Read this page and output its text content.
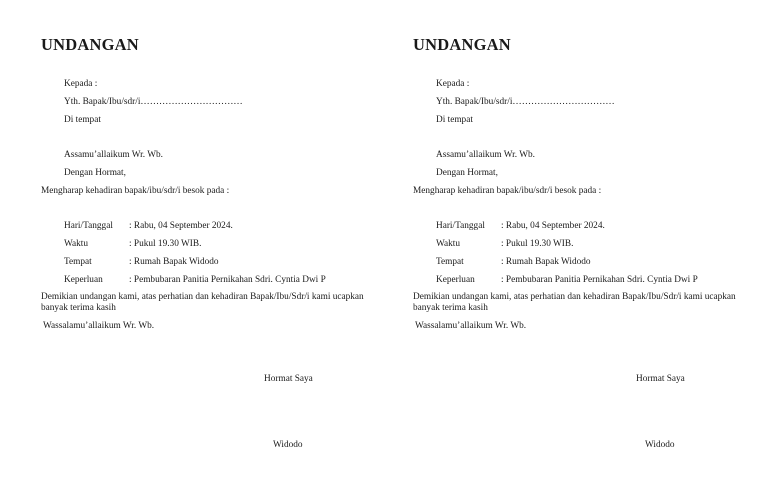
UNDANGAN
Kepada :
Yth. Bapak/Ibu/sdr/i……………………………
Di tempat
Assamu’allaikum Wr. Wb.
Dengan Hormat,
Mengharap kehadiran bapak/ibu/sdr/i besok pada :
Hari/Tanggal : Rabu, 04 September 2024.
Waktu	: Pukul 19.30 WIB.
Tempat	: Rumah Bapak Widodo
Keperluan	: Pembubaran Panitia Pernikahan Sdri. Cyntia Dwi P
Demikian undangan kami, atas perhatian dan kehadiran Bapak/Ibu/Sdr/i kami ucapkan banyak terima kasih
Wassalamu’allaikum Wr. Wb.
Hormat Saya
Widodo
UNDANGAN
Kepada :
Yth. Bapak/Ibu/sdr/i……………………………
Di tempat
Assamu’allaikum Wr. Wb.
Dengan Hormat,
Mengharap kehadiran bapak/ibu/sdr/i besok pada :
Hari/Tanggal : Rabu, 04 September 2024.
Waktu	: Pukul 19.30 WIB.
Tempat	: Rumah Bapak Widodo
Keperluan	: Pembubaran Panitia Pernikahan Sdri. Cyntia Dwi P
Demikian undangan kami, atas perhatian dan kehadiran Bapak/Ibu/Sdr/i kami ucapkan banyak terima kasih
Wassalamu’allaikum Wr. Wb.
Hormat Saya
Widodo
